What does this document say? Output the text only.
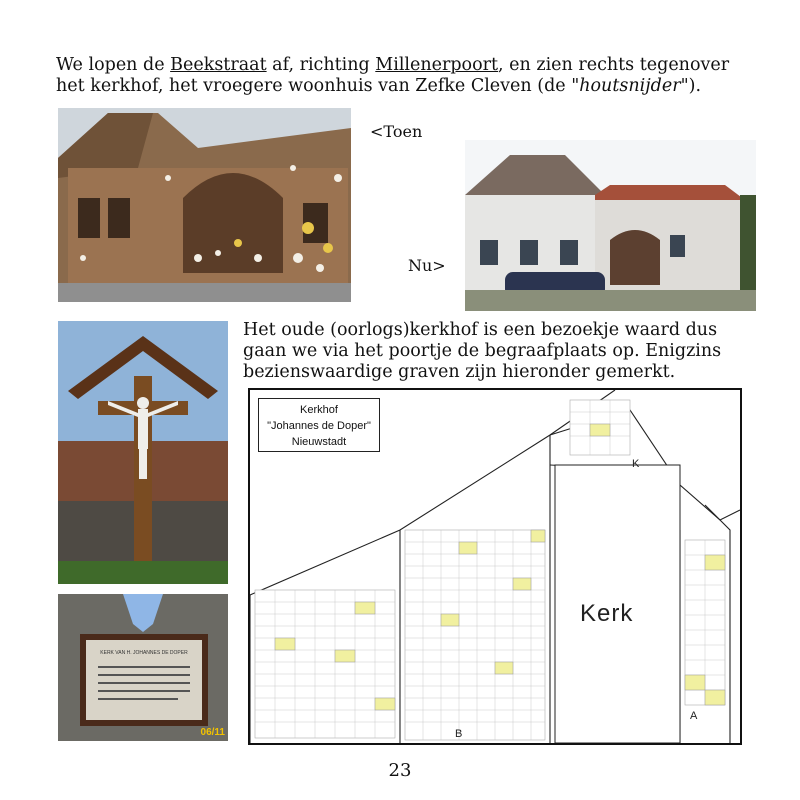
We lopen de Beekstraat af, richting Millenerpoort, en zien rechts tegenover het kerkhof, het vroegere woonhuis van Zefke Cleven (de "houtsnijder").
<Toen
Nu>
KERK VAN H. JOHANNES DE DOPER
06/11
Het oude (oorlogs)kerkhof is een bezoekje waard dus gaan we via het poortje de begraafplaats op. Enigzins bezienswaardige graven zijn hieronder gemerkt.
Kerkhof
"Johannes de Doper"
Nieuwstadt
Kerk
K
A
B
23
